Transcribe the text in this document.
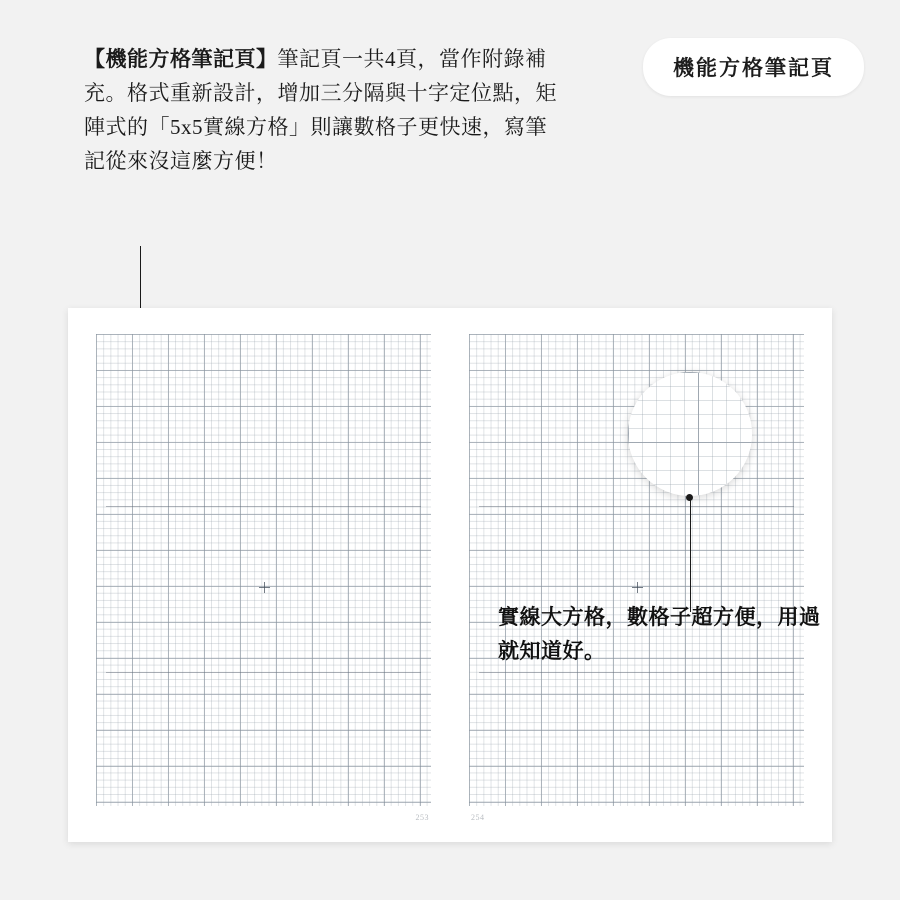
【機能方格筆記頁】筆記頁一共4頁，當作附錄補充。格式重新設計，增加三分隔與十字定位點，矩陣式的「5x5實線方格」則讓數格子更快速，寫筆記從來沒這麼方便！
機能方格筆記頁
253	254
實線大方格，數格子超方便，用過就知道好。
